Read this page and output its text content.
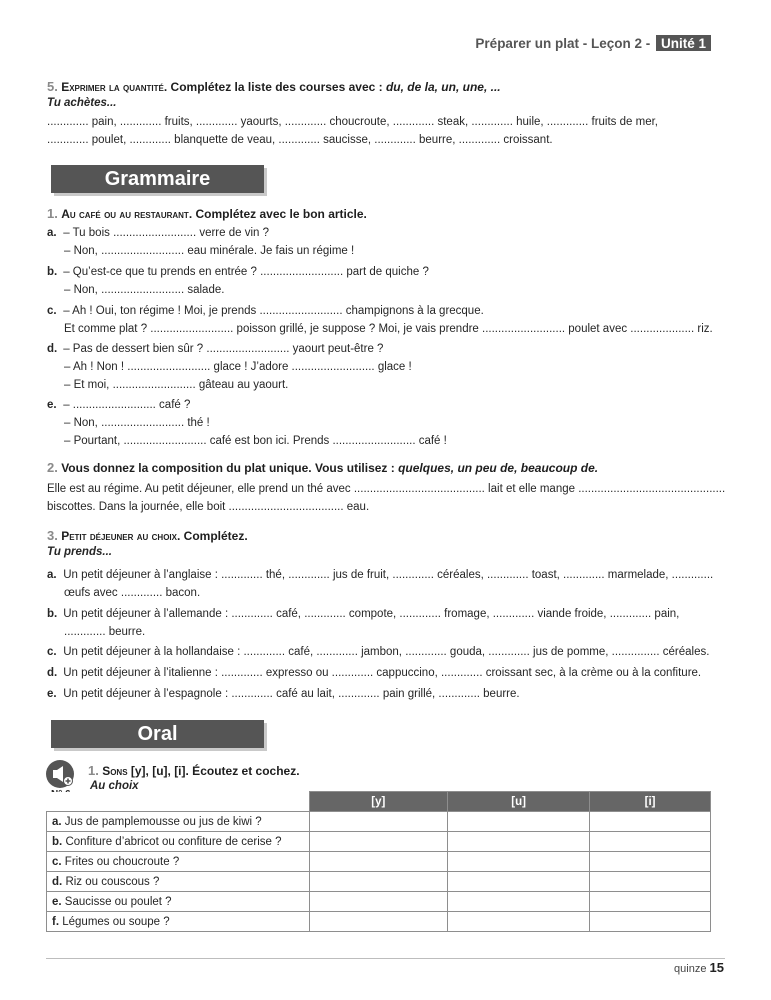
Préparer un plat - Leçon 2 - Unité 1
5. Exprimer la quantité. Complétez la liste des courses avec : du, de la, un, une, ...
Tu achètes...
............. pain, ............. fruits, ............. yaourts, ............. choucroute, ............. steak, ............. huile, ............. fruits de mer,
............. poulet, ............. blanquette de veau, ............. saucisse, ............. beurre, ............. croissant.
Grammaire
1. Au café ou au restaurant. Complétez avec le bon article.
a. – Tu bois .......................... verre de vin ?
– Non, .......................... eau minérale. Je fais un régime !
b. – Qu’est-ce que tu prends en entrée ? .......................... part de quiche ?
– Non, .......................... salade.
c. – Ah ! Oui, ton régime ! Moi, je prends .......................... champignons à la grecque.
Et comme plat ? .......................... poisson grillé, je suppose ? Moi, je vais prendre .......................... poulet avec .................... riz.
d. – Pas de dessert bien sûr ? .......................... yaourt peut-être ?
– Ah ! Non ! .......................... glace ! J’adore .......................... glace !
– Et moi, .......................... gâteau au yaourt.
e. – .......................... café ?
– Non, .......................... thé !
– Pourtant, .......................... café est bon ici. Prends .......................... café !
2. Vous donnez la composition du plat unique. Vous utilisez : quelques, un peu de, beaucoup de.
Elle est au régime. Au petit déjeuner, elle prend un thé avec ......................................... lait et elle mange ..............................................
biscottes. Dans la journée, elle boit .................................... eau.
3. Petit déjeuner au choix. Complétez.
Tu prends...
a. Un petit déjeuner à l’anglaise : ............. thé, ............. jus de fruit, ............. céréales, ............. toast, ............. marmelade, .............
œufs avec ............. bacon.
b. Un petit déjeuner à l’allemande : ............. café, ............. compote, ............. fromage, ............. viande froide, ............. pain,
............. beurre.
c. Un petit déjeuner à la hollandaise : ............. café, ............. jambon, ............. gouda, ............. jus de pomme, ............... céréales.
d. Un petit déjeuner à l’italienne : ............. expresso ou ............. cappuccino, ............. croissant sec, à la crème ou à la confiture.
e. Un petit déjeuner à l’espagnole : ............. café au lait, ............. pain grillé, ............. beurre.
Oral
1. Sons [y], [u], [i]. Écoutez et cochez.
Au choix
	[y]	[u]	[i]
a. Jus de pamplemousse ou jus de kiwi ?			
b. Confiture d’abricot ou confiture de cerise ?			
c. Frites ou choucroute ?			
d. Riz ou couscous ?			
e. Saucisse ou poulet ?			
f. Légumes ou soupe ?			
quinze 15
